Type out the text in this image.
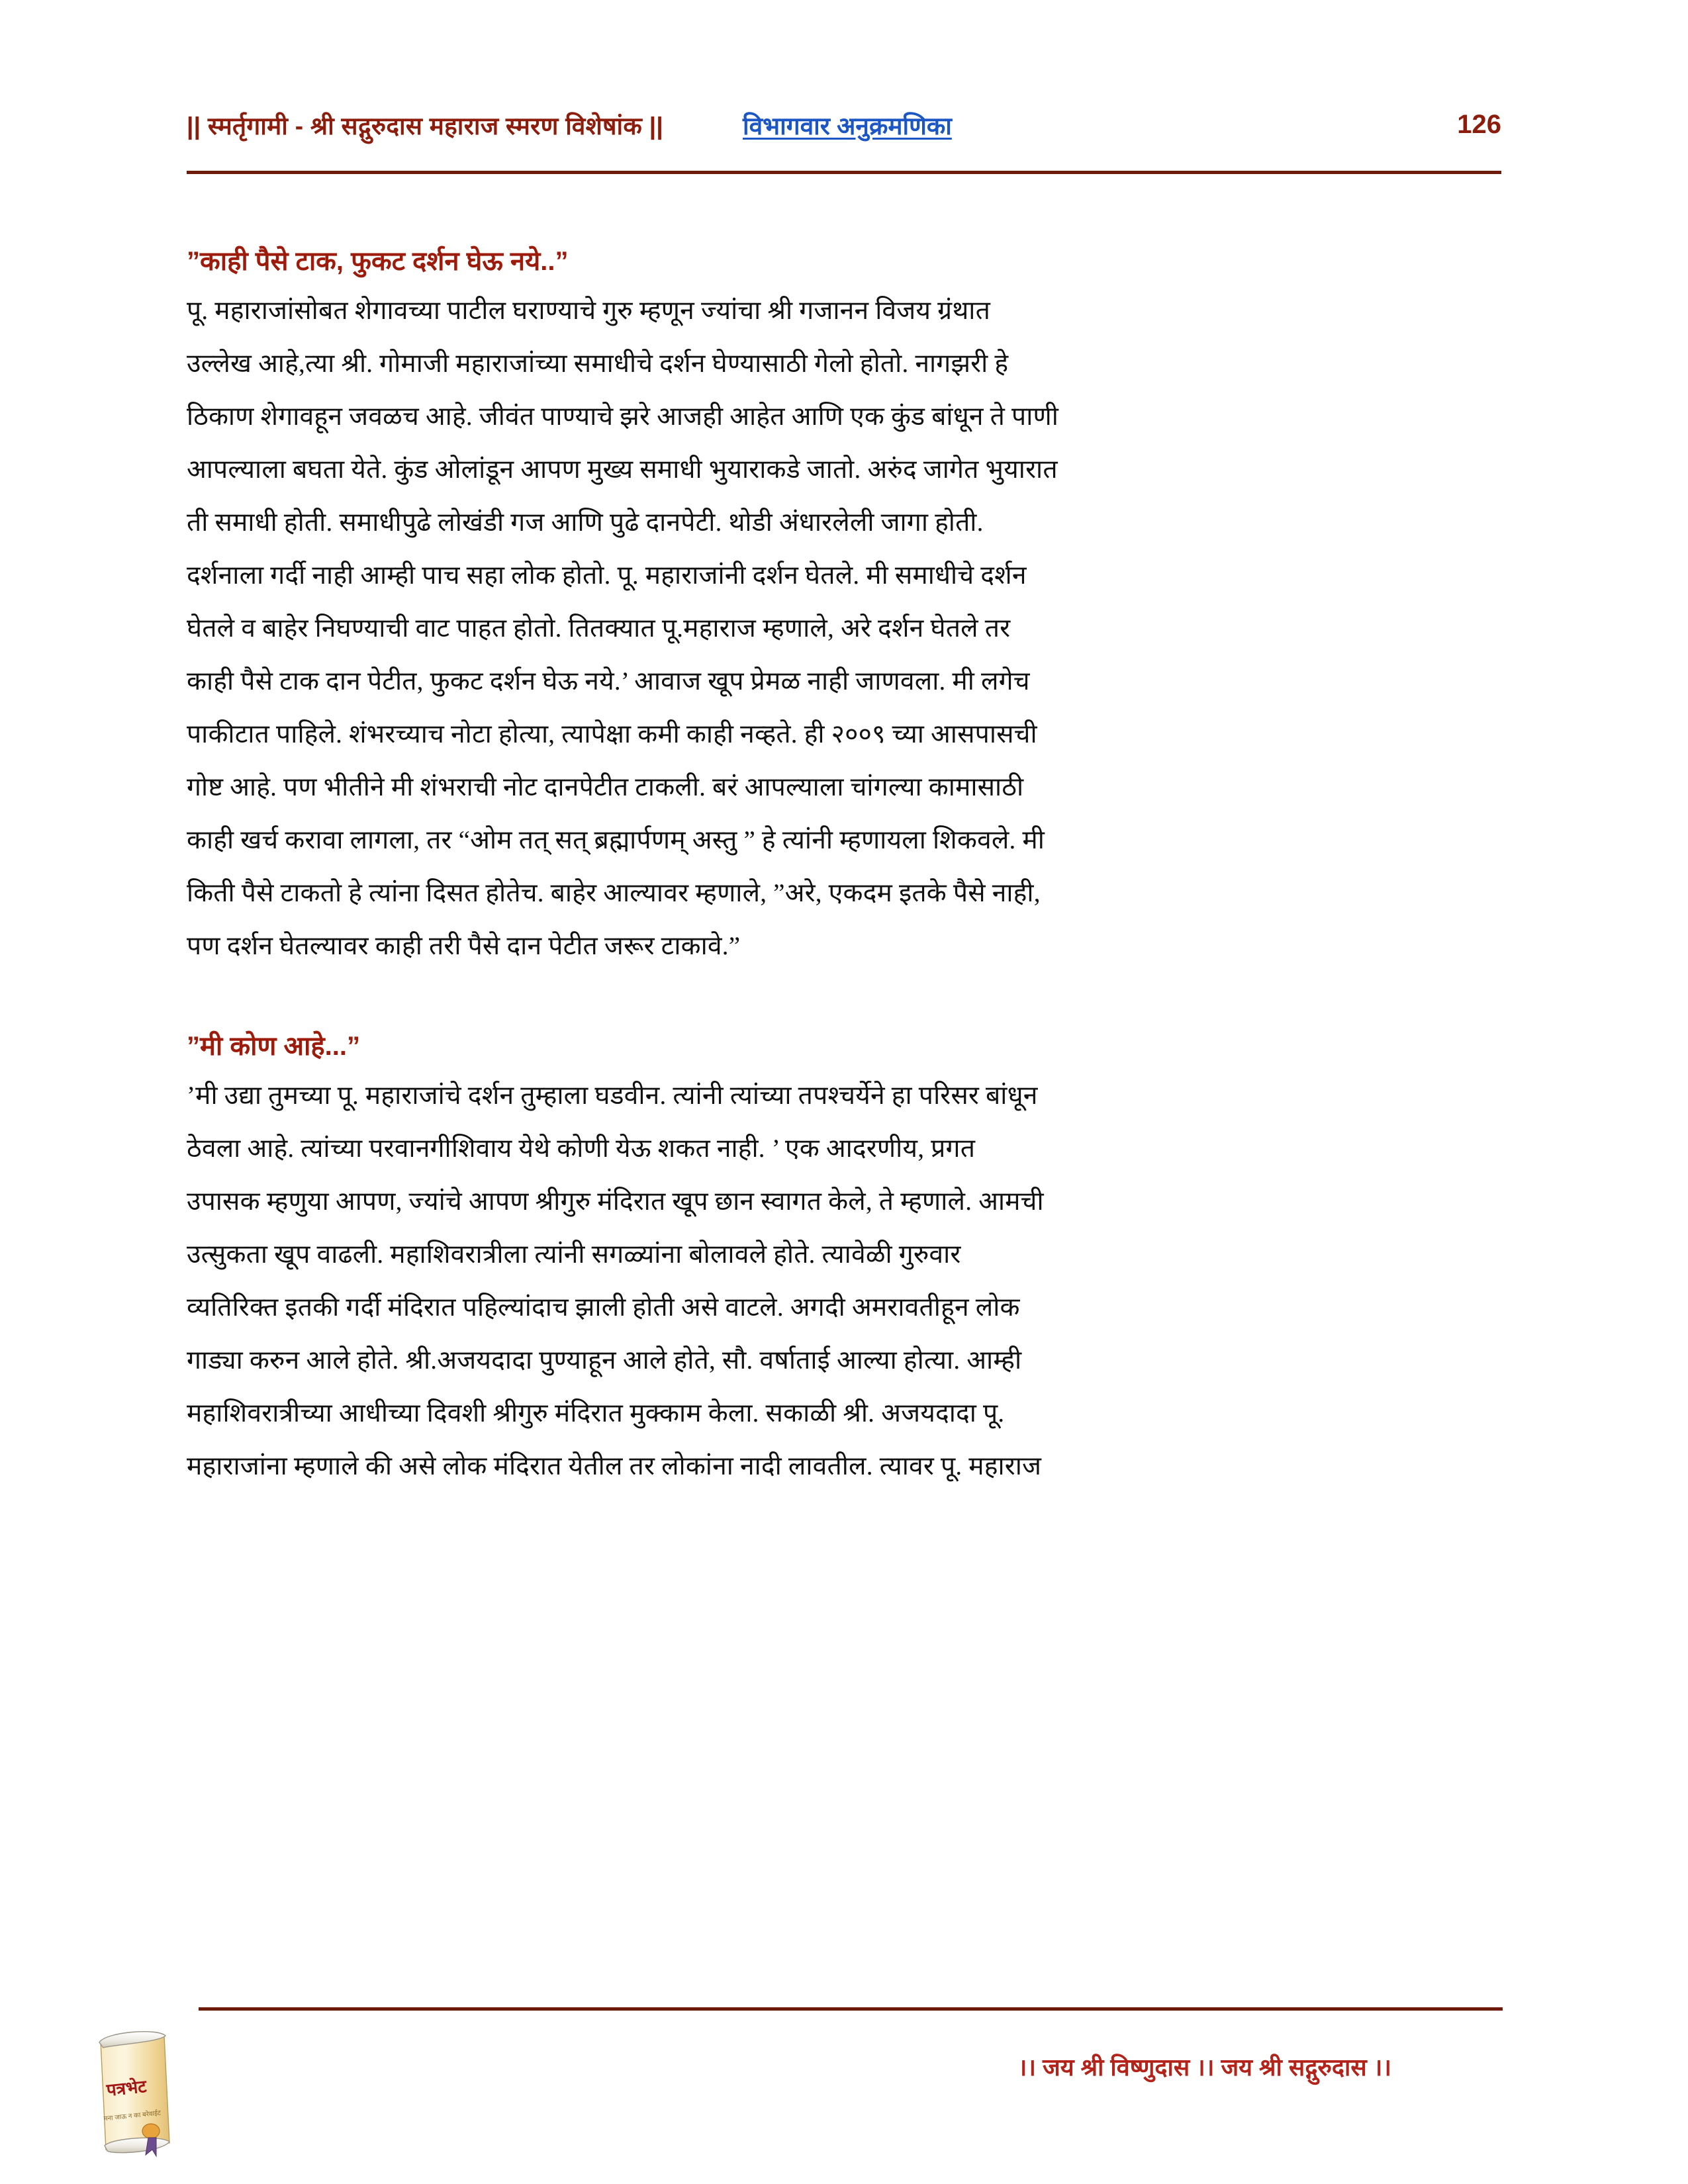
|| स्मर्तृगामी - श्री सद्गुरुदास महाराज स्मरण विशेषांक ||	विभागवार अनुक्रमणिका	126
”काही पैसे टाक, फुकट दर्शन घेऊ नये..”
पू. महाराजांसोबत शेगावच्या पाटील घराण्याचे गुरु म्हणून ज्यांचा श्री गजानन विजय ग्रंथात
उल्लेख आहे,त्या श्री. गोमाजी महाराजांच्या समाधीचे दर्शन घेण्यासाठी गेलो होतो. नागझरी हे
ठिकाण शेगावहून जवळच आहे. जीवंत पाण्याचे झरे आजही आहेत आणि एक कुंड बांधून ते पाणी
आपल्याला बघता येते. कुंड ओलांडून आपण मुख्य समाधी भुयाराकडे जातो. अरुंद जागेत भुयारात
ती समाधी होती. समाधीपुढे लोखंडी गज आणि पुढे दानपेटी. थोडी अंधारलेली जागा होती.
दर्शनाला गर्दी नाही आम्ही पाच सहा लोक होतो. पू. महाराजांनी दर्शन घेतले. मी समाधीचे दर्शन
घेतले व बाहेर निघण्याची वाट पाहत होतो. तितक्यात पू.महाराज म्हणाले, अरे दर्शन घेतले तर
काही पैसे टाक दान पेटीत, फुकट दर्शन घेऊ नये.’ आवाज खूप प्रेमळ नाही जाणवला. मी लगेच
पाकीटात पाहिले. शंभरच्याच नोटा होत्या, त्यापेक्षा कमी काही नव्हते. ही २००९ च्या आसपासची
गोष्ट आहे. पण भीतीने मी शंभराची नोट दानपेटीत टाकली. बरं आपल्याला चांगल्या कामासाठी
काही खर्च करावा लागला, तर “ओम तत् सत् ब्रह्मार्पणम् अस्तु ” हे त्यांनी म्हणायला शिकवले. मी
किती पैसे टाकतो हे त्यांना दिसत होतेच. बाहेर आल्यावर म्हणाले, ”अरे, एकदम इतके पैसे नाही,
पण दर्शन घेतल्यावर काही तरी पैसे दान पेटीत जरूर टाकावे.”
”मी कोण आहे...”
’मी उद्या तुमच्या पू. महाराजांचे दर्शन तुम्हाला घडवीन. त्यांनी त्यांच्या तपश्चर्येने हा परिसर बांधून
ठेवला आहे. त्यांच्या परवानगीशिवाय येथे कोणी येऊ शकत नाही. ’ एक आदरणीय, प्रगत
उपासक म्हणुया आपण, ज्यांचे आपण श्रीगुरु मंदिरात खूप छान स्वागत केले, ते म्हणाले. आमची
उत्सुकता खूप वाढली. महाशिवरात्रीला त्यांनी सगळ्यांना बोलावले होते. त्यावेळी गुरुवार
व्यतिरिक्त इतकी गर्दी मंदिरात पहिल्यांदाच झाली होती असे वाटले. अगदी अमरावतीहून लोक
गाड्या करुन आले होते. श्री.अजयदादा पुण्याहून आले होते, सौ. वर्षाताई आल्या होत्या. आम्ही
महाशिवरात्रीच्या आधीच्या दिवशी श्रीगुरु मंदिरात मुक्काम केला. सकाळी श्री. अजयदादा पू.
महाराजांना म्हणाले की असे लोक मंदिरात येतील तर लोकांना नादी लावतील. त्यावर पू. महाराज
पत्रभेट
मना जाऊ न का बरेवाईट
।। जय श्री विष्णुदास ।। जय श्री सद्गुरुदास ।।
